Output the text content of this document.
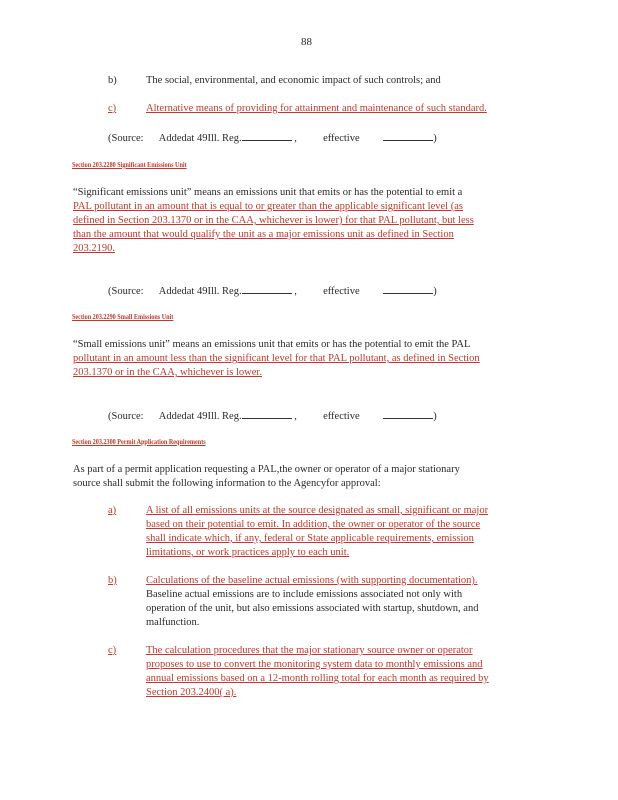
88
b)	The social, environmental, and economic impact of such controls; and
c)	Alternative means of providing for attainment and maintenance of such standard.
(Source: Addedat 49Ill. Reg.	,	effective	)
Section 203.2280 Significant Emissions Unit
“Significant emissions unit” means an emissions unit that emits or has the potential to emit a
PAL pollutant in an amount that is equal to or greater than the applicable significant level (as
defined in Section 203.1370 or in the CAA, whichever is lower) for that PAL pollutant, but less
than the amount that would qualify the unit as a major emissions unit as defined in Section
203.2190.
(Source: Addedat 49Ill. Reg.	,	effective	)
Section 203.2290 Small Emissions Unit
“Small emissions unit” means an emissions unit that emits or has the potential to emit the PAL
pollutant in an amount less than the significant level for that PAL pollutant, as defined in Section
203.1370 or in the CAA, whichever is lower.
(Source: Addedat 49Ill. Reg.	,	effective	)
Section 203.2300 Permit Application Requirements
As part of a permit application requesting a PAL,the owner or operator of a major stationary
source shall submit the following information to the Agencyfor approval:
a)	A list of all emissions units at the source designated as small, significant or major
based on their potential to emit. In addition, the owner or operator of the source
shall indicate which, if any, federal or State applicable requirements, emission
limitations, or work practices apply to each unit.
b)	Calculations of the baseline actual emissions (with supporting documentation).
Baseline actual emissions are to include emissions associated not only with
operation of the unit, but also emissions associated with startup, shutdown, and
malfunction.
c)	The calculation procedures that the major stationary source owner or operator
proposes to use to convert the monitoring system data to monthly emissions and
annual emissions based on a 12-month rolling total for each month as required by
Section 203.2400( a).
